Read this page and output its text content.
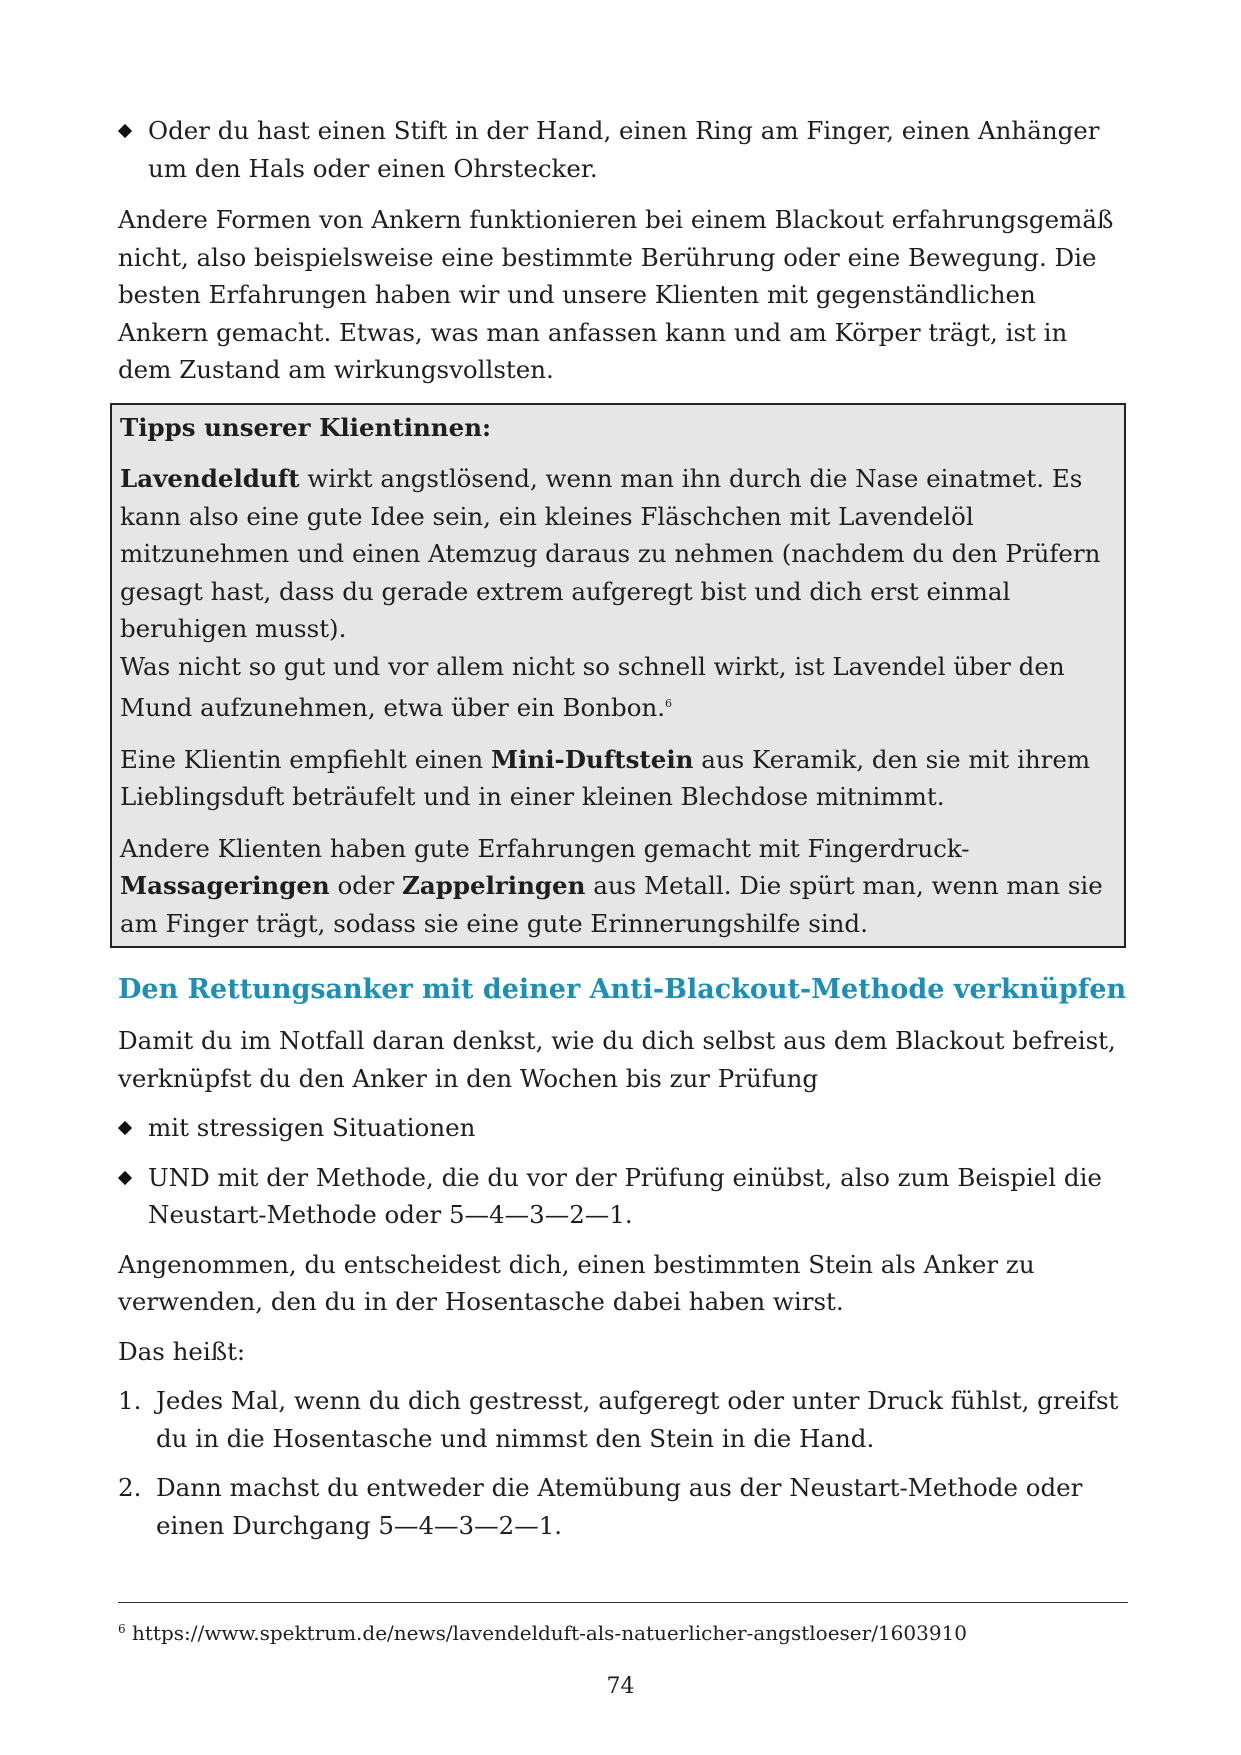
Oder du hast einen Stift in der Hand, einen Ring am Finger, einen Anhänger um den Hals oder einen Ohrstecker.

Andere Formen von Ankern funktionieren bei einem Blackout erfahrungsgemäß nicht, also beispielsweise eine bestimmte Berührung oder eine Bewegung. Die besten Erfahrungen haben wir und unsere Klienten mit gegenständlichen Ankern gemacht. Etwas, was man anfassen kann und am Körper trägt, ist in dem Zustand am wirkungsvollsten.

Tipps unserer Klientinnen:

Lavendelduft wirkt angstlösend, wenn man ihn durch die Nase einatmet. Es kann also eine gute Idee sein, ein kleines Fläschchen mit Lavendelöl mitzunehmen und einen Atemzug daraus zu nehmen (nachdem du den Prüfern gesagt hast, dass du gerade extrem aufgeregt bist und dich erst einmal beruhigen musst).
Was nicht so gut und vor allem nicht so schnell wirkt, ist Lavendel über den Mund aufzunehmen, etwa über ein Bonbon.$^6$

Eine Klientin empfiehlt einen Mini-Duftstein aus Keramik, den sie mit ihrem Lieblingsduft beträufelt und in einer kleinen Blechdose mitnimmt.

Andere Klienten haben gute Erfahrungen gemacht mit Fingerdruck-Massageringen oder Zappelringen aus Metall. Die spürt man, wenn man sie am Finger trägt, sodass sie eine gute Erinnerungshilfe sind.

Den Rettungsanker mit deiner Anti-Blackout-Methode verknüpfen

Damit du im Notfall daran denkst, wie du dich selbst aus dem Blackout befreist, verknüpfst du den Anker in den Wochen bis zur Prüfung

mit stressigen Situationen

UND mit der Methode, die du vor der Prüfung einübst, also zum Beispiel die Neustart-Methode oder 5—4—3—2—1.

Angenommen, du entscheidest dich, einen bestimmten Stein als Anker zu verwenden, den du in der Hosentasche dabei haben wirst.

Das heißt:

1. Jedes Mal, wenn du dich gestresst, aufgeregt oder unter Druck fühlst, greifst du in die Hosentasche und nimmst den Stein in die Hand.

2. Dann machst du entweder die Atemübung aus der Neustart-Methode oder einen Durchgang 5—4—3—2—1.

$^6$ https://www.spektrum.de/news/lavendelduft-als-natuerlicher-angstloeser/1603910
74
